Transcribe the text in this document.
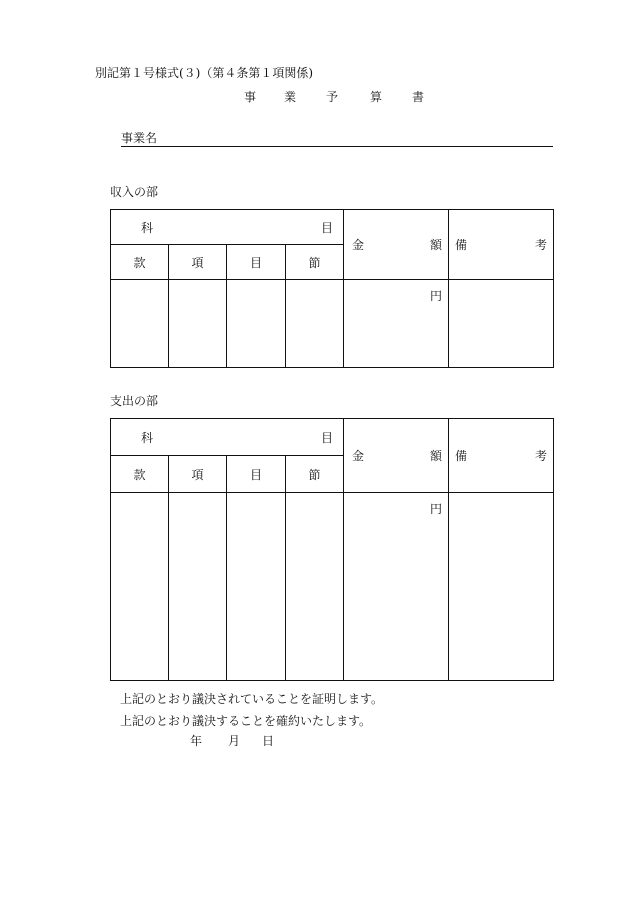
別記第１号様式(３)（第４条第１項関係)
事 業 予	算 書
事業名
収入の部
科 目				金 額	備 考

款	項	目	節		

				円	

支出の部
科 目				金 額	備 考

款	項	目	節		

				円	

上記のとおり議決されていることを証明します。
上記のとおり議決することを確約いたします。
年 月 日
